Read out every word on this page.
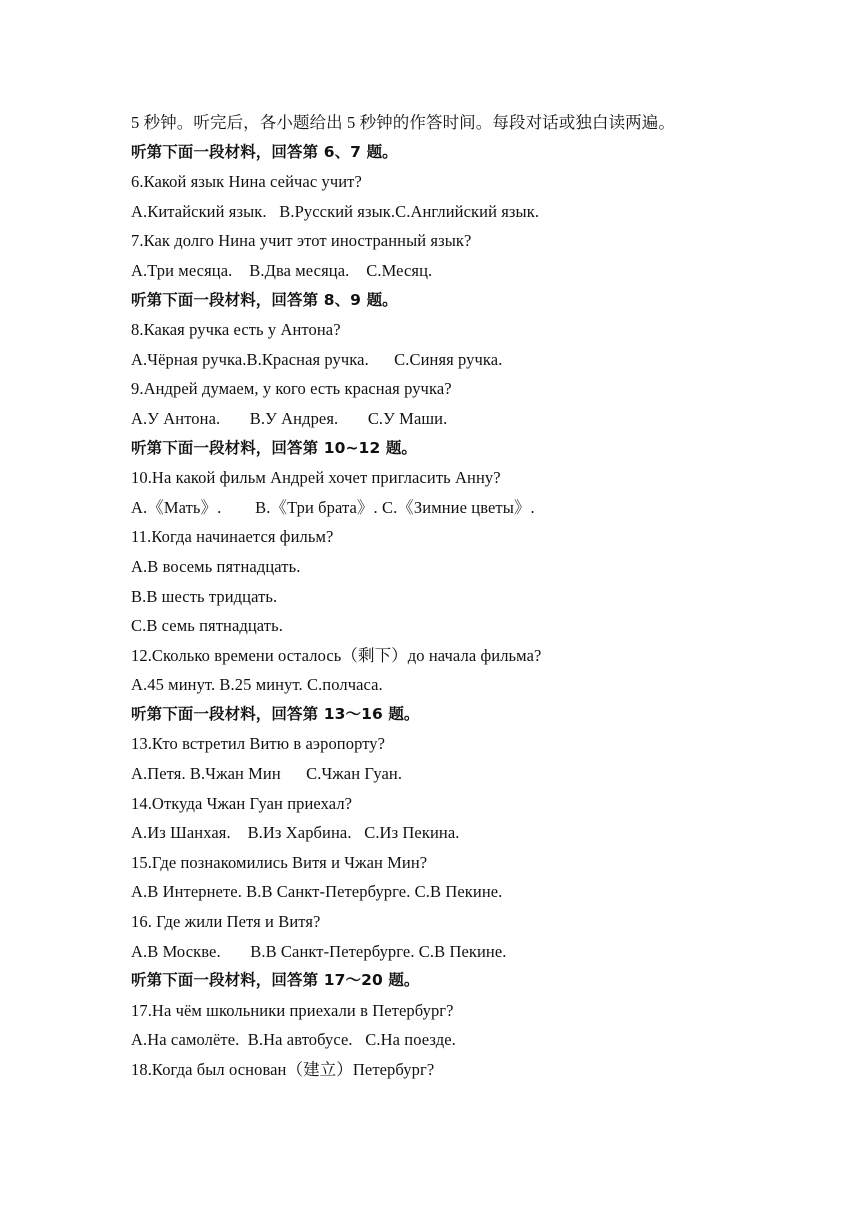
5 秒钟。听完后，各小题给出 5 秒钟的作答时间。每段对话或独白读两遍。
听第下面一段材料，回答第 6、7 题。
6.Какой язык Нина сейчас учит?
A.Китайский язык.   B.Русский язык.C.Английский язык.
7.Как долго Нина учит этот иностранный язык?
A.Три месяца.    B.Два месяца.    C.Месяц.
听第下面一段材料，回答第 8、9 题。
8.Какая ручка есть у Антона?
A.Чёрная ручка.B.Красная ручка.      C.Синяя ручка.
9.Андрей думаем, у кого есть красная ручка?
A.У Антона.       B.У Андрея.       C.У Маши.
听第下面一段材料，回答第 10~12 题。
10.На какой фильм Андрей хочет пригласить Анну?
A.《Мать》.        B.《Три брата》. C.《Зимние цветы》.
11.Когда начинается фильм?
A.В восемь пятнадцать.
B.В шесть тридцать.
C.В семь пятнадцать.
12.Сколько времени осталось（剩下）до начала фильма?
A.45 минут. B.25 минут. C.полчаса.
听第下面一段材料，回答第 13～16 题。
13.Кто встретил Витю в аэропорту?
A.Петя. B.Чжан Мин      C.Чжан Гуан.
14.Откуда Чжан Гуан приехал?
A.Из Шанхая.    B.Из Харбина.   C.Из Пекина.
15.Где познакомились Витя и Чжан Мин?
A.В Интернете. B.В Санкт-Петербурге. C.В Пекине.
16. Где жили Петя и Витя?
A.В Москве.       B.В Санкт-Петербурге. C.В Пекине.
听第下面一段材料，回答第 17～20 题。
17.На чём школьники приехали в Петербург?
A.На самолёте.  B.На автобусе.   C.На поезде.
18.Когда был основан（建立）Петербург?
